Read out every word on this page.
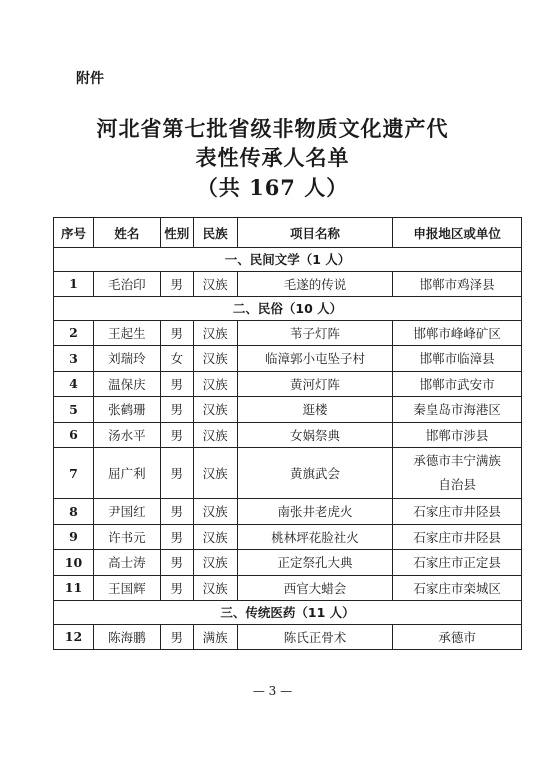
附件
河北省第七批省级非物质文化遗产代
表性传承人名单
（共 167 人）
序号	姓名	性别	民族	项目名称	申报地区或单位
一、民间文学（1 人）					
1	毛治印	男	汉族	毛遂的传说	邯郸市鸡泽县
二、民俗（10 人）					
2	王起生	男	汉族	苇子灯阵	邯郸市峰峰矿区
3	刘瑞玲	女	汉族	临漳郭小屯坠子村	邯郸市临漳县
4	温保庆	男	汉族	黄河灯阵	邯郸市武安市
5	张鹤珊	男	汉族	逛楼	秦皇岛市海港区
6	汤水平	男	汉族	女娲祭典	邯郸市涉县
7	屈广利	男	汉族	黄旗武会	承德市丰宁满族
自治县

8	尹国红	男	汉族	南张井老虎火	石家庄市井陉县
9	许书元	男	汉族	桃林坪花脸社火	石家庄市井陉县
10	高士涛	男	汉族	正定祭孔大典	石家庄市正定县
11	王国辉	男	汉族	西官大蜡会	石家庄市栾城区
三、传统医药（11 人）					
12	陈海鹏	男	满族	陈氏正骨术	承德市
— 3 —
